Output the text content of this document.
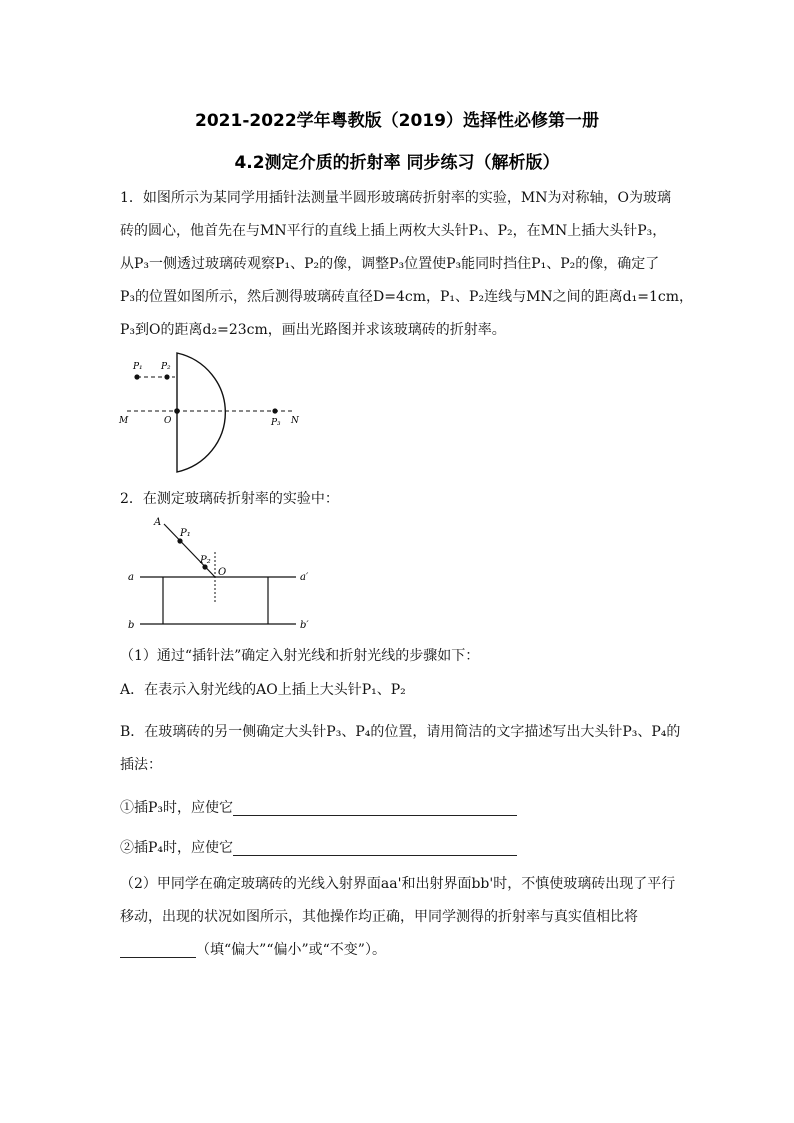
2021-2022学年粤教版（2019）选择性必修第一册
4.2测定介质的折射率 同步练习（解析版）
1．如图所示为某同学用插针法测量半圆形玻璃砖折射率的实验，MN为对称轴，O为玻璃
砖的圆心，他首先在与MN平行的直线上插上两枚大头针P₁、P₂，在MN上插大头针P₃，
从P₃一侧透过玻璃砖观察P₁、P₂的像，调整P₃位置使P₃能同时挡住P₁、P₂的像，确定了
P₃的位置如图所示，然后测得玻璃砖直径D=4cm，P₁、P₂连线与MN之间的距离d₁=1cm，
P₃到O的距离d₂=23cm，画出光路图并求该玻璃砖的折射率。
P₁ P₂
M	O	P₃ N
2．在测定玻璃砖折射率的实验中：
A
P₁
P₂
O
a	a′
b	b′
（1）通过“插针法”确定入射光线和折射光线的步骤如下：
A．在表示入射光线的AO上插上大头针P₁、P₂
B．在玻璃砖的另一侧确定大头针P₃、P₄的位置，请用简洁的文字描述写出大头针P₃、P₄的
插法：
①插P₃时，应使它
②插P₄时，应使它
（2）甲同学在确定玻璃砖的光线入射界面aa'和出射界面bb'时，不慎使玻璃砖出现了平行
移动，出现的状况如图所示，其他操作均正确，甲同学测得的折射率与真实值相比将
（填“偏大”“偏小”或“不变”）。
